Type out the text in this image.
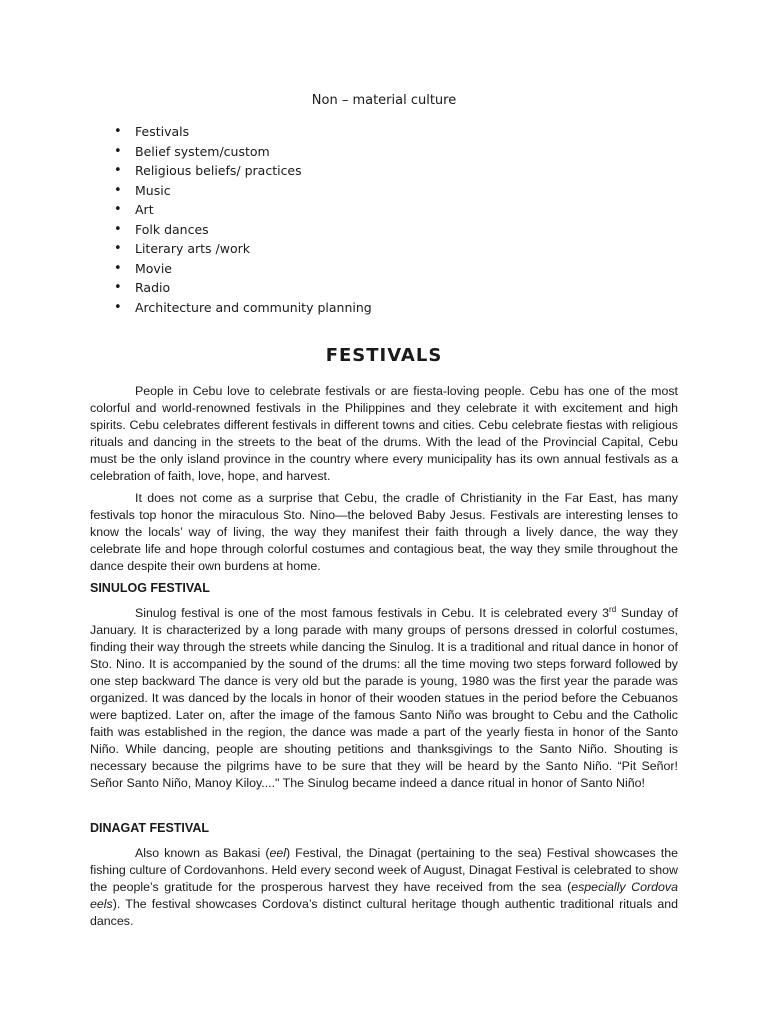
Non – material culture
• Festivals
• Belief system/custom
• Religious beliefs/ practices
• Music
• Art
• Folk dances
• Literary arts /work
• Movie
• Radio
• Architecture and community planning
FESTIVALS

People in Cebu love to celebrate festivals or are fiesta-loving people. Cebu has one of the most colorful and world-renowned festivals in the Philippines and they celebrate it with excitement and high spirits. Cebu celebrates different festivals in different towns and cities. Cebu celebrate fiestas with religious rituals and dancing in the streets to the beat of the drums. With the lead of the Provincial Capital, Cebu must be the only island province in the country where every municipality has its own annual festivals as a celebration of faith, love, hope, and harvest.

It does not come as a surprise that Cebu, the cradle of Christianity in the Far East, has many festivals top honor the miraculous Sto. Nino—the beloved Baby Jesus. Festivals are interesting lenses to know the locals’ way of living, the way they manifest their faith through a lively dance, the way they celebrate life and hope through colorful costumes and contagious beat, the way they smile throughout the dance despite their own burdens at home.

SINULOG FESTIVAL

Sinulog festival is one of the most famous festivals in Cebu. It is celebrated every 3rd Sunday of January. It is characterized by a long parade with many groups of persons dressed in colorful costumes, finding their way through the streets while dancing the Sinulog. It is a traditional and ritual dance in honor of Sto. Nino. It is accompanied by the sound of the drums: all the time moving two steps forward followed by one step backward The dance is very old but the parade is young, 1980 was the first year the parade was organized. It was danced by the locals in honor of their wooden statues in the period before the Cebuanos were baptized. Later on, after the image of the famous Santo Niño was brought to Cebu and the Catholic faith was established in the region, the dance was made a part of the yearly fiesta in honor of the Santo Niño. While dancing, people are shouting petitions and thanksgivings to the Santo Niño. Shouting is necessary because the pilgrims have to be sure that they will be heard by the Santo Niño. “Pit Señor! Señor Santo Niño, Manoy Kiloy...." The Sinulog became indeed a dance ritual in honor of Santo Niño!

DINAGAT FESTIVAL

Also known as Bakasi (eel) Festival, the Dinagat (pertaining to the sea) Festival showcases the fishing culture of Cordovanhons. Held every second week of August, Dinagat Festival is celebrated to show the people’s gratitude for the prosperous harvest they have received from the sea (especially Cordova eels). The festival showcases Cordova’s distinct cultural heritage though authentic traditional rituals and dances.
